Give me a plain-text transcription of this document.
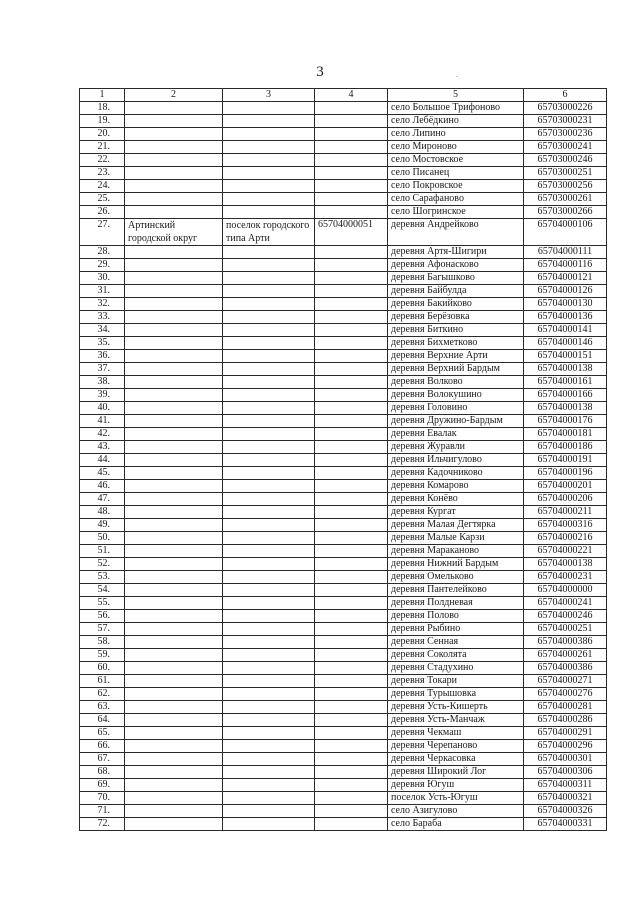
3	.
1	2	3	4	5	6
18.				село Большое Трифоново	65703000226
19.				село Лебёдкино	65703000231
20.				село Липино	65703000236
21.				село Мироново	65703000241
22.				село Мостовское	65703000246
23.				село Писанец	65703000251
24.				село Покровское	65703000256
25.				село Сарафаново	65703000261
26.				село Шогринское	65703000266
27.	Артинский городской округ	поселок городского типа Арти	65704000051	деревня Андрейково	65704000106
28.				деревня Артя-Шигири	65704000111
29.				деревня Афонасково	65704000116
30.				деревня Багышково	65704000121
31.				деревня Байбулда	65704000126
32.				деревня Бакийково	65704000130
33.				деревня Берёзовка	65704000136
34.				деревня Биткино	65704000141
35.				деревня Бихметково	65704000146
36.				деревня Верхние Арти	65704000151
37.				деревня Верхний Бардым	65704000138
38.				деревня Волково	65704000161
39.				деревня Волокушино	65704000166
40.				деревня Головино	65704000138
41.				деревня Дружино-Бардым	65704000176
42.				деревня Евалак	65704000181
43.				деревня Журавли	65704000186
44.				деревня Ильчигулово	65704000191
45.				деревня Кадочниково	65704000196
46.				деревня Комарово	65704000201
47.				деревня Конёво	65704000206
48.				деревня Кургат	65704000211
49.				деревня Малая Дегтярка	65704000316
50.				деревня Малые Карзи	65704000216
51.				деревня Мараканово	65704000221
52.				деревня Нижний Бардым	65704000138
53.				деревня Омельково	65704000231
54.				деревня Пантелейково	65704000000
55.				деревня Полдневая	65704000241
56.				деревня Полово	65704000246
57.				деревня Рыбино	65704000251
58.				деревня Сенная	65704000386
59.				деревня Соколята	65704000261
60.				деревня Стадухино	65704000386
61.				деревня Токари	65704000271
62.				деревня Турышовка	65704000276
63.				деревня Усть-Кишерть	65704000281
64.				деревня Усть-Манчаж	65704000286
65.				деревня Чекмаш	65704000291
66.				деревня Черепаново	65704000296
67.				деревня Черкасовка	65704000301
68.				деревня Широкий Лог	65704000306
69.				деревня Югуш	65704000311
70.				поселок Усть-Югуш	65704000321
71.				село Азигулово	65704000326
72.				село Бараба	65704000331
